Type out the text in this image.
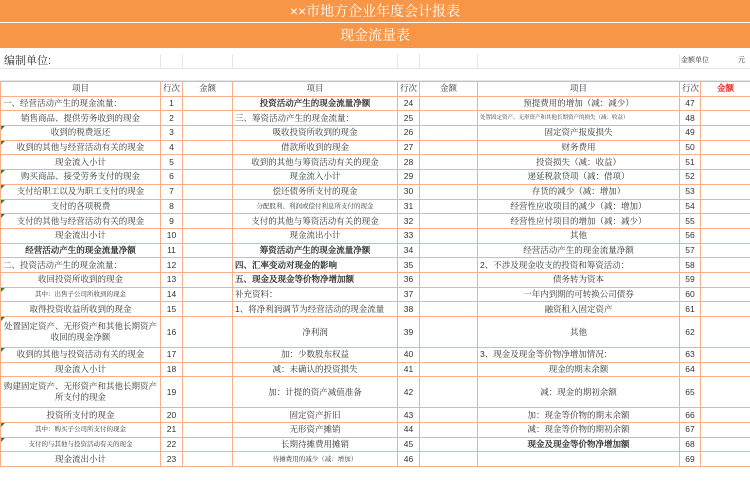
××市地方企业年度会计报表
现金流量表
编制单位:	金额单位	元
项目	行次	金额	项目	行次	金额	项目	行次	金额
一、经营活动产生的现金流量：	1		投资活动产生的现金流量净额	24		预提费用的增加（减：减少）	47	
销售商品、提供劳务收到的现金	2		三、筹资活动产生的现金流量：	25		处置固定资产、无形资产和其他长期资产的损失（减：收益）	48	
收到的税费返还	3		吸收投资所收到的现金	26		固定资产报废损失	49	
收到的其他与经营活动有关的现金	4		借款所收到的现金	27		财务费用	50	
现金流入小计	5		收到的其他与筹资活动有关的现金	28		投资损失（减：收益）	51	
购买商品、接受劳务支付的现金	6		现金流入小计	29		递延税款贷项（减：借项）	52	
支付给职工以及为职工支付的现金	7		偿还债务所支付的现金	30		存货的减少（减：增加）	53	
支付的各项税费	8		分配股利、利润或偿付利息所支付的现金	31		经营性应收项目的减少（减：增加）	54	
支付的其他与经营活动有关的现金	9		支付的其他与筹资活动有关的现金	32		经营性应付项目的增加（减：减少）	55	
现金流出小计	10		现金流出小计	33		其他	56	
经营活动产生的现金流量净额	11		筹资活动产生的现金流量净额	34		经营活动产生的现金流量净额	57	
二、投资活动产生的现金流量：	12		四、汇率变动对现金的影响	35		2、不涉及现金收支的投资和筹资活动：	58	
收回投资所收到的现金	13		五、现金及现金等价物净增加额	36		债务转为资本	59	
其中：出售子公司所收到的现金	14		补充资料：	37		一年内到期的可转换公司债券	60	
取得投资收益所收到的现金	15		1、将净利润调节为经营活动的现金流量	38		融资租入固定资产	61	
处置固定资产、无形资产和其他长期资产收回的现金净额	16		净利润	39		其他	62	
收到的其他与投资活动有关的现金	17		加：少数股东权益	40		3、现金及现金等价物净增加情况：	63	
现金流入小计	18		减：未确认的投资损失	41		现金的期末余额	64	
购建固定资产、无形资产和其他长期资产所支付的现金	19		加：计提的资产减值准备	42		减：现金的期初余额	65	
投资所支付的现金	20		固定资产折旧	43		加：现金等价物的期末余额	66	
其中：购买子公司所支付的现金	21		无形资产摊销	44		减：现金等价物的期初余额	67	
支付的与其他与投资活动有关的现金	22		长期待摊费用摊销	45		现金及现金等价物净增加额	68	
现金流出小计	23		待摊费用的减少（减：增加）	46			69	
